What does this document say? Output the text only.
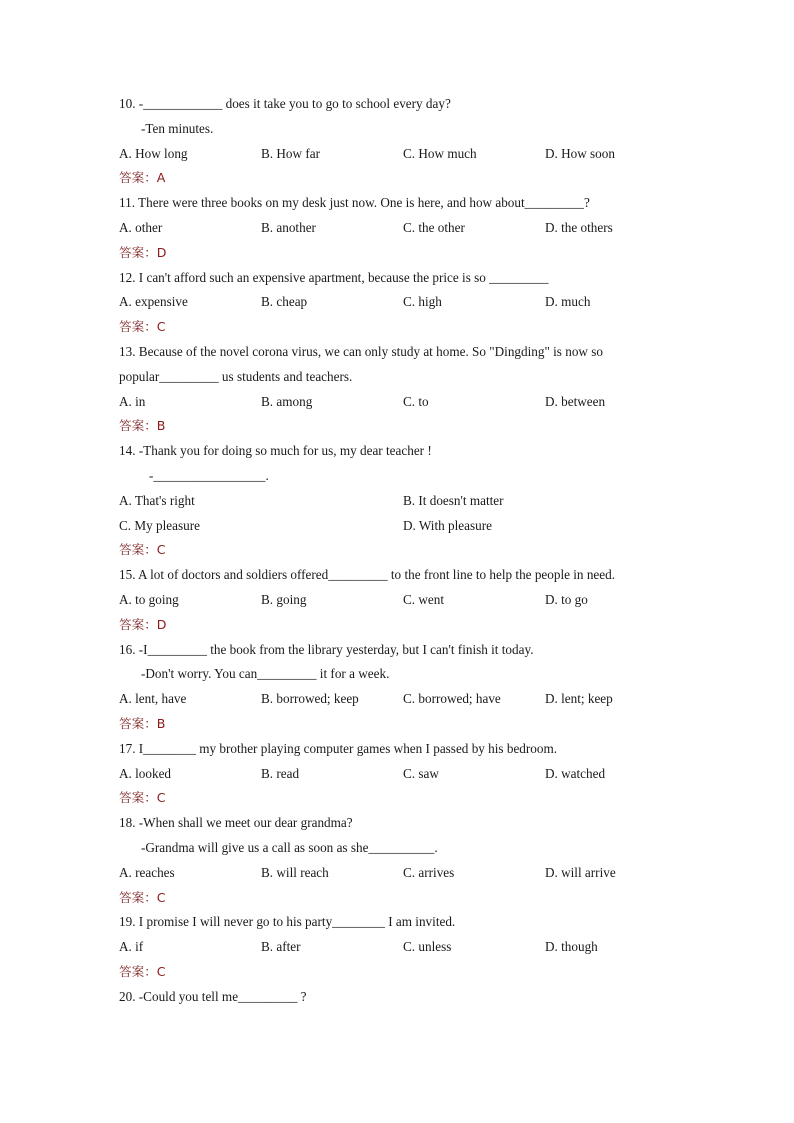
10. -____________ does it take you to go to school every day?
-Ten minutes.
A. How long	B. How far	C. How much	D. How soon
答案：A
11. There were three books on my desk just now. One is here, and how about_________?
A. other	B. another	C. the other	D. the others
答案：D
12. I can't afford such an expensive apartment, because the price is so _________
A. expensive	B. cheap	C. high	D. much
答案：C
13. Because of the novel corona virus, we can only study at home. So "Dingding" is now so
popular_________ us students and teachers.
A. in	B. among	C. to	D. between
答案：B
14. -Thank you for doing so much for us, my dear teacher !
-_________________.
A. That's right	B. It doesn't matter
C. My pleasure	D. With pleasure
答案：C
15. A lot of doctors and soldiers offered_________ to the front line to help the people in need.
A. to going	B. going	C. went	D. to go
答案：D
16. -I_________ the book from the library yesterday, but I can't finish it today.
-Don't worry. You can_________ it for a week.
A. lent, have	B. borrowed; keep	C. borrowed; have	D. lent; keep
答案：B
17. I________ my brother playing computer games when I passed by his bedroom.
A. looked	B. read	C. saw	D. watched
答案：C
18. -When shall we meet our dear grandma?
-Grandma will give us a call as soon as she__________.
A. reaches	B. will reach	C. arrives	D. will arrive
答案：C
19. I promise I will never go to his party________ I am invited.
A. if	B. after	C. unless	D. though
答案：C
20. -Could you tell me_________ ?
